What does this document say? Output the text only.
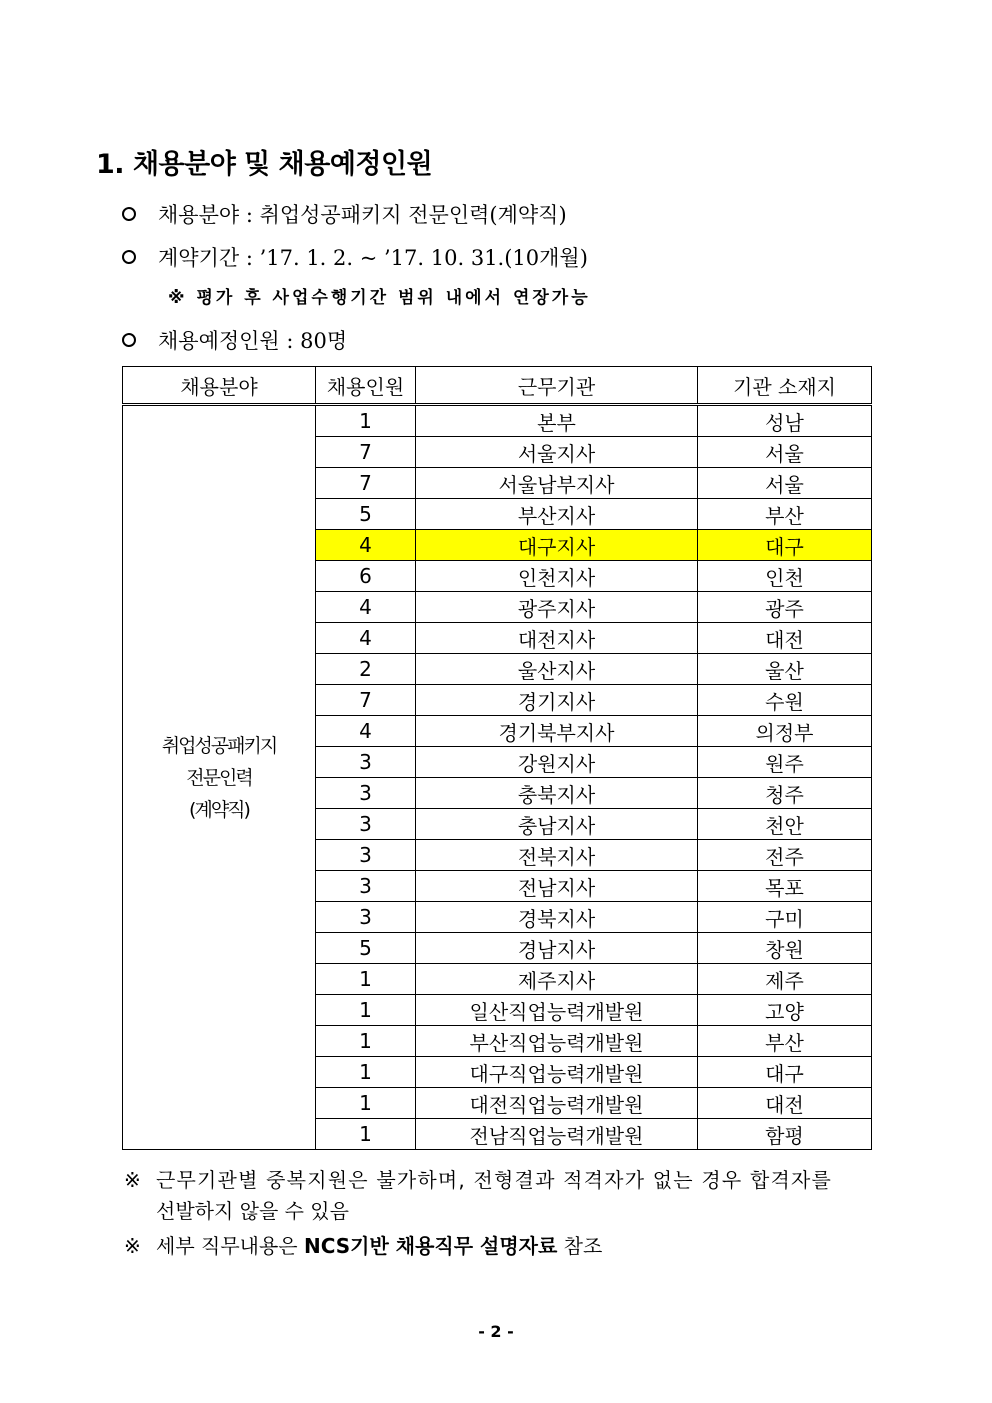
1. 채용분야 및 채용예정인원
채용분야 : 취업성공패키지 전문인력(계약직)
계약기간 : ’17. 1. 2. ~ ’17. 10. 31.(10개월)
※ 평가 후 사업수행기간 범위 내에서 연장가능
채용예정인원 : 80명
채용분야	채용인원	근무기관	기관 소재지

취업성공패키지
전문인력
(계약직)	1	본부	성남
	7	서울지사	서울
	7	서울남부지사	서울
	5	부산지사	부산
	4	대구지사	대구
	6	인천지사	인천
	4	광주지사	광주
	4	대전지사	대전
	2	울산지사	울산
	7	경기지사	수원
	4	경기북부지사	의정부
	3	강원지사	원주
	3	충북지사	청주
	3	충남지사	천안
	3	전북지사	전주
	3	전남지사	목포
	3	경북지사	구미
	5	경남지사	창원
	1	제주지사	제주
	1	일산직업능력개발원	고양
	1	부산직업능력개발원	부산
	1	대구직업능력개발원	대구
	1	대전직업능력개발원	대전
	1	전남직업능력개발원	함평
※ 근무기관별 중복지원은 불가하며, 전형결과 적격자가 없는 경우 합격자를
선발하지 않을 수 있음
※ 세부 직무내용은 NCS기반 채용직무 설명자료 참조
- 2 -
